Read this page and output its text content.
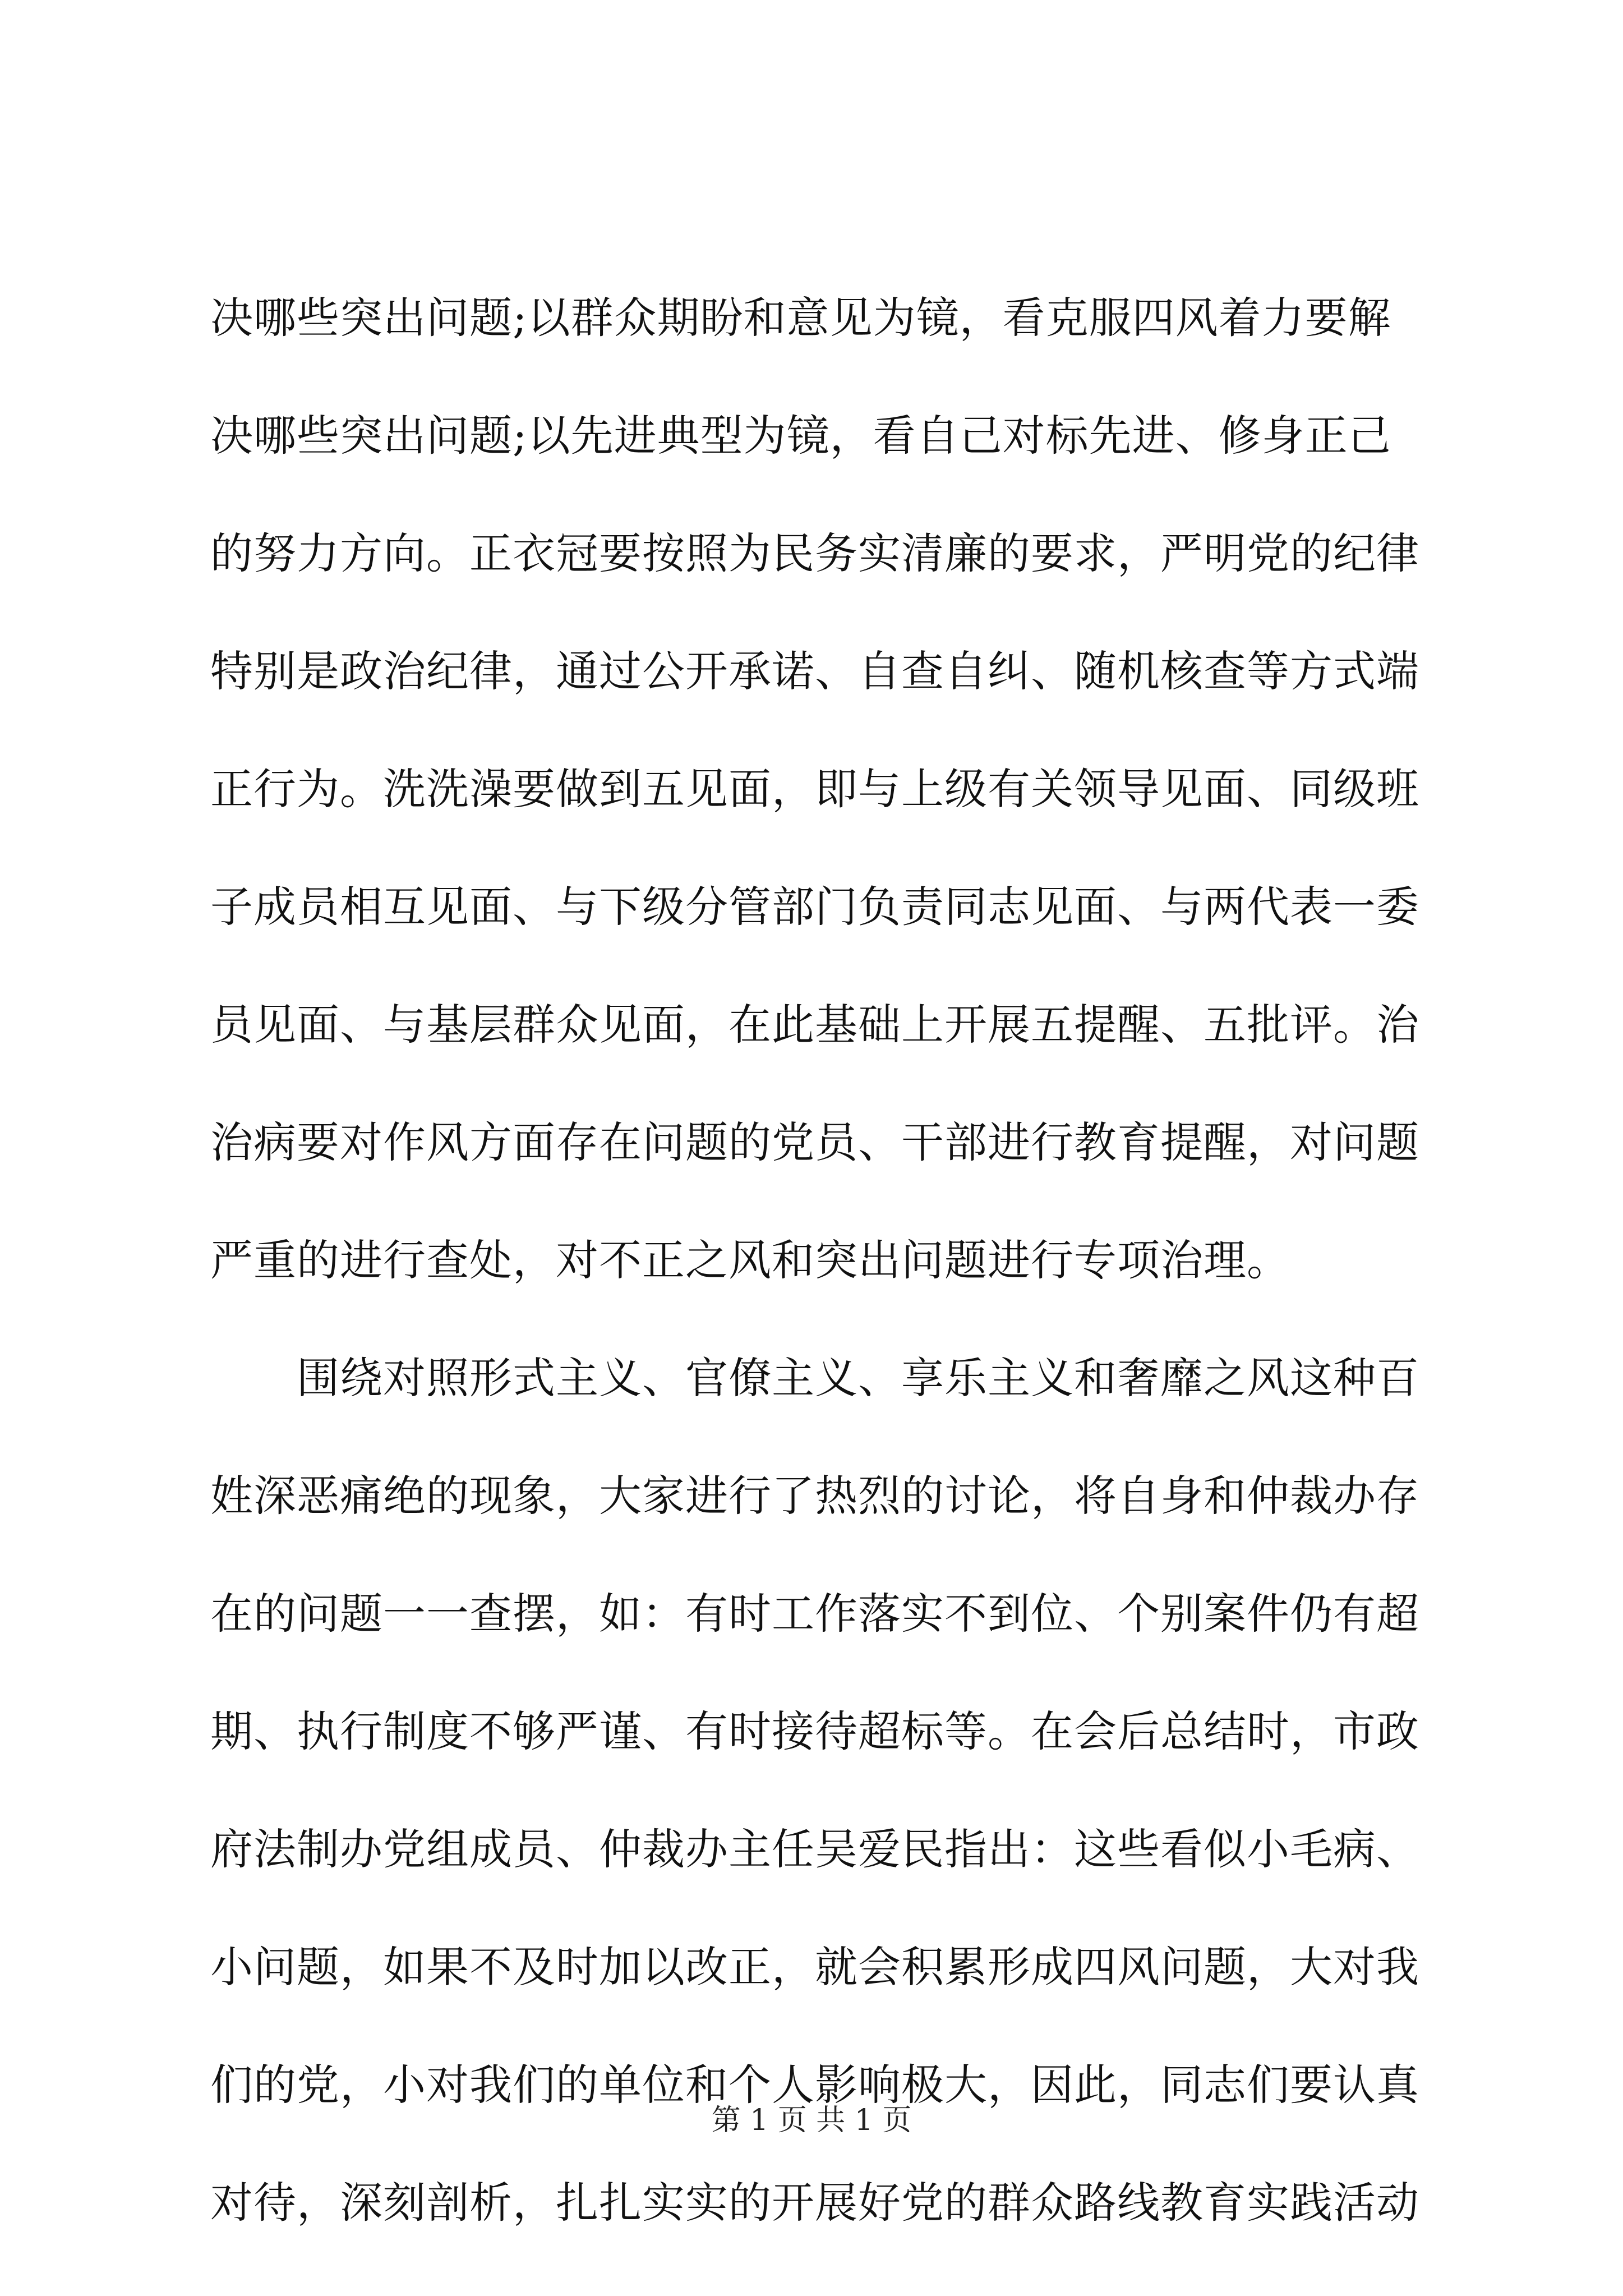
决哪些突出问题;以群众期盼和意见为镜，看克服四风着力要解
决哪些突出问题;以先进典型为镜，看自己对标先进、修身正己
的努力方向。正衣冠要按照为民务实清廉的要求，严明党的纪律
特别是政治纪律，通过公开承诺、自查自纠、随机核查等方式端
正行为。洗洗澡要做到五见面，即与上级有关领导见面、同级班
子成员相互见面、与下级分管部门负责同志见面、与两代表一委
员见面、与基层群众见面，在此基础上开展五提醒、五批评。治
治病要对作风方面存在问题的党员、干部进行教育提醒，对问题
严重的进行查处，对不正之风和突出问题进行专项治理。
　　围绕对照形式主义、官僚主义、享乐主义和奢靡之风这种百
姓深恶痛绝的现象，大家进行了热烈的讨论，将自身和仲裁办存
在的问题一一查摆，如：有时工作落实不到位、个别案件仍有超
期、执行制度不够严谨、有时接待超标等。在会后总结时，市政
府法制办党组成员、仲裁办主任吴爱民指出：这些看似小毛病、
小问题，如果不及时加以改正，就会积累形成四风问题，大对我
们的党，小对我们的单位和个人影响极大，因此，同志们要认真
对待，深刻剖析，扎扎实实的开展好党的群众路线教育实践活动
第 1 页 共 1 页
